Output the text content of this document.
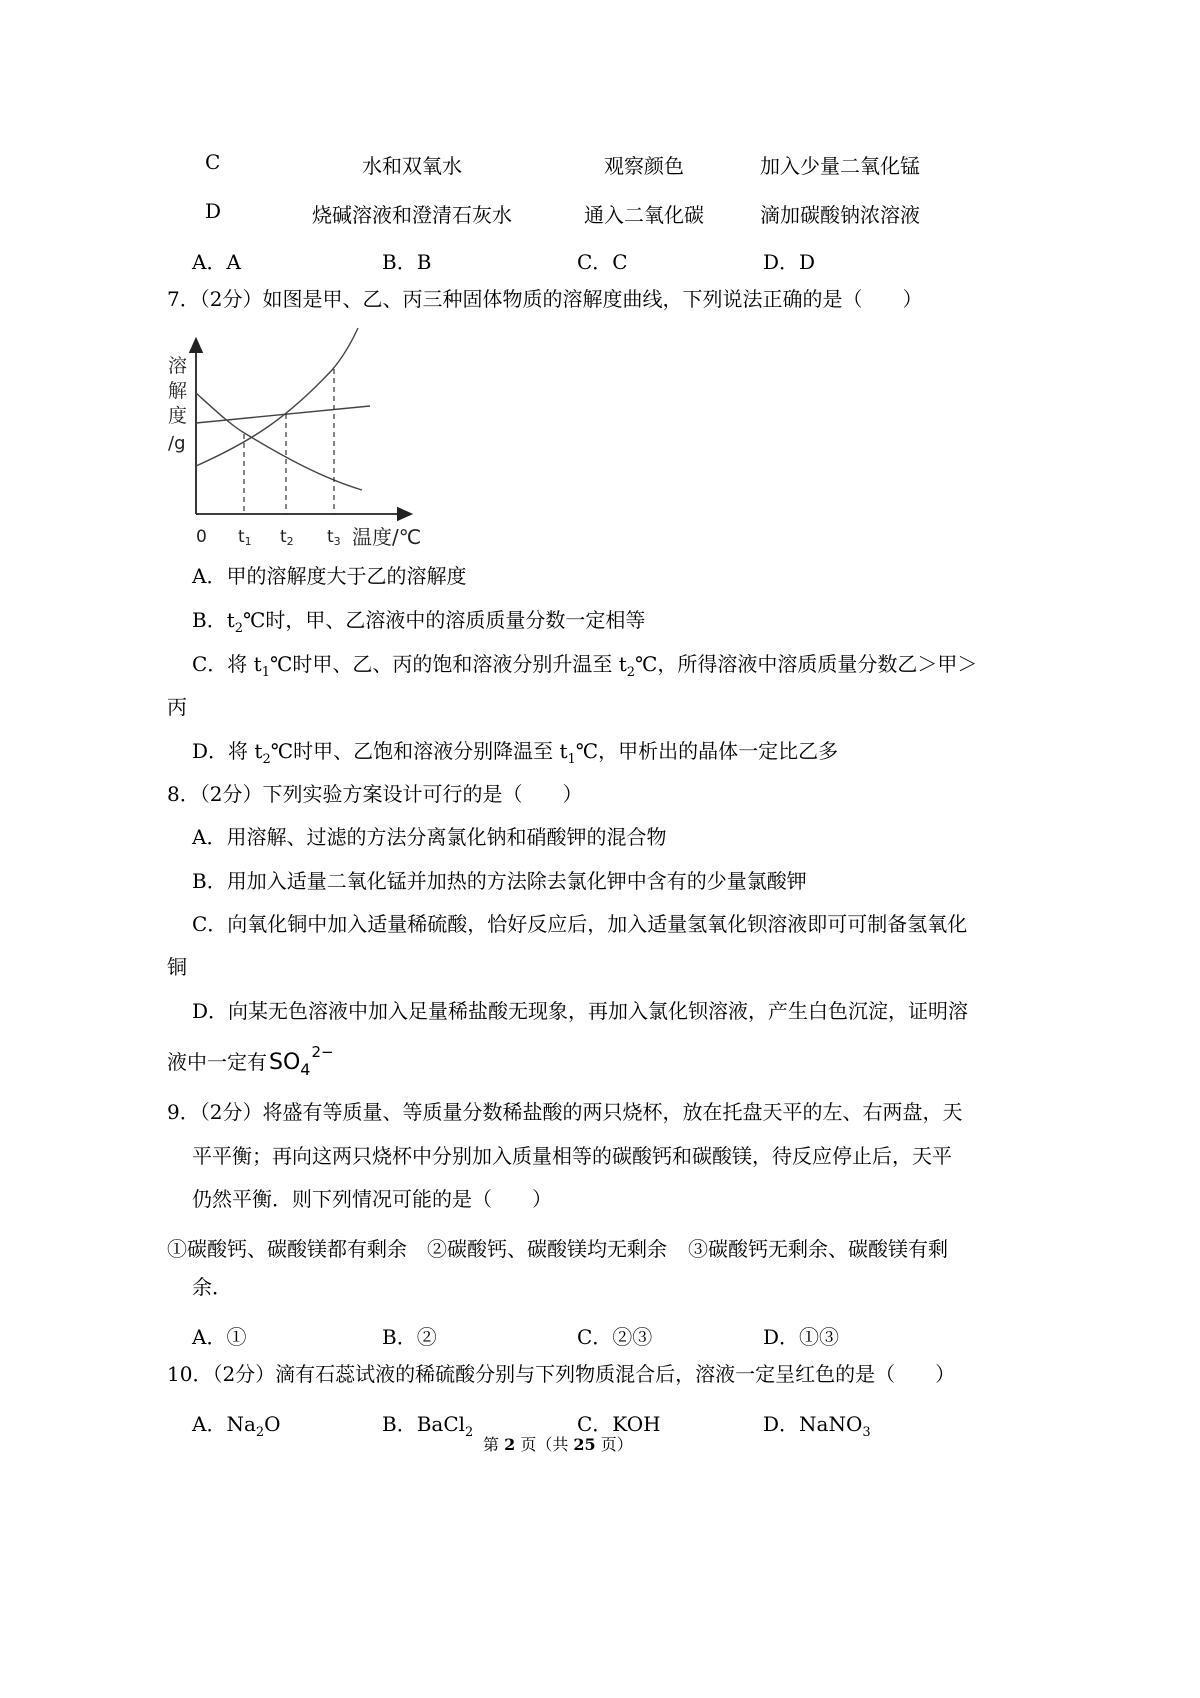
C	水和双氧水	观察颜色	加入少量二氧化锰
D	烧碱溶液和澄清石灰水	通入二氧化碳	滴加碳酸钠浓溶液
A．A	B．B	C．C	D．D
7．（2分）如图是甲、乙、丙三种固体物质的溶解度曲线，下列说法正确的是（　　）
溶
解
度
/g
0 t1 t2 t3 温度/℃
A．甲的溶解度大于乙的溶解度
B．$t_2℃$时，甲、乙溶液中的溶质质量分数一定相等
C．将 $t_1℃$时甲、乙、丙的饱和溶液分别升温至 $t_2℃$，所得溶液中溶质质量分数乙＞甲＞
丙
D．将 $t_2℃$时甲、乙饱和溶液分别降温至 $t_1℃$，甲析出的晶体一定比乙多
8．（2分）下列实验方案设计可行的是（　　）
A．用溶解、过滤的方法分离氯化钠和硝酸钾的混合物
B．用加入适量二氧化锰并加热的方法除去氯化钾中含有的少量氯酸钾
C．向氧化铜中加入适量稀硫酸，恰好反应后，加入适量氢氧化钡溶液即可可制备氢氧化
铜
D．向某无色溶液中加入足量稀盐酸无现象，再加入氯化钡溶液，产生白色沉淀，证明溶
液中一定有$SO_4^{2-}$
9．（2分）将盛有等质量、等质量分数稀盐酸的两只烧杯，放在托盘天平的左、右两盘，天
平平衡；再向这两只烧杯中分别加入质量相等的碳酸钙和碳酸镁，待反应停止后，天平
仍然平衡．则下列情况可能的是（　　）
①碳酸钙、碳酸镁都有剩余 ②碳酸钙、碳酸镁均无剩余 ③碳酸钙无剩余、碳酸镁有剩
余．
A．①	B．②	C．②③	D．①③
10．（2分）滴有石蕊试液的稀硫酸分别与下列物质混合后，溶液一定呈红色的是（　　）
A．$Na_2O$	B．BaCl$_2$	C．KOH	D．NaNO$_3$
第 2 页（共 25 页）
